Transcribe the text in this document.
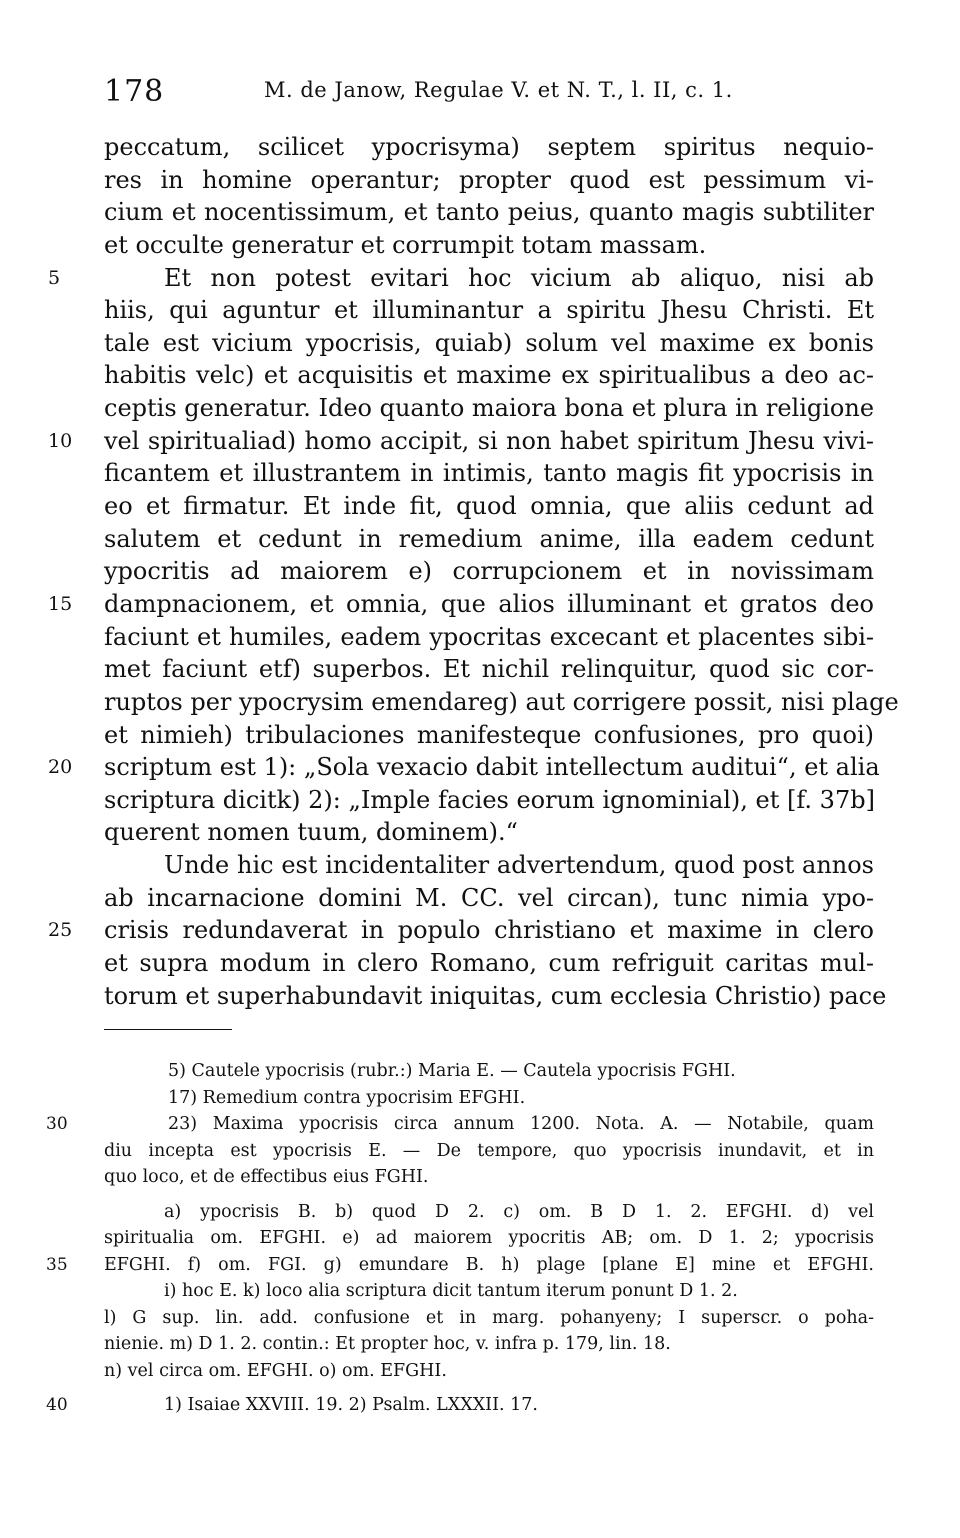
178	M. de Janow, Regulae V. et N. T., l. II, c. 1.
peccatum, scilicet ypocrisyma) septem spiritus nequio-
res in homine operantur; propter quod est pessimum vi-
cium et nocentissimum, et tanto peius, quanto magis subtiliter
et occulte generatur et corrumpit totam massam.
5	Et non potest evitari hoc vicium ab aliquo, nisi ab
hiis, qui aguntur et illuminantur a spiritu Jhesu Christi. Et
tale est vicium ypocrisis, quiab) solum vel maxime ex bonis
habitis velc) et acquisitis et maxime ex spiritualibus a deo ac-
ceptis generatur. Ideo quanto maiora bona et plura in religione
10 vel spiritualiad) homo accipit, si non habet spiritum Jhesu vivi-
ficantem et illustrantem in intimis, tanto magis fit ypocrisis in
eo et firmatur. Et inde fit, quod omnia, que aliis cedunt ad
salutem et cedunt in remedium anime, illa eadem cedunt
ypocritis ad maiorem e) corrupcionem et in novissimam
15 dampnacionem, et omnia, que alios illuminant et gratos deo
faciunt et humiles, eadem ypocritas excecant et placentes sibi-
met faciunt etf) superbos. Et nichil relinquitur, quod sic cor-
ruptos per ypocrysim emendareg) aut corrigere possit, nisi plage
et nimieh) tribulaciones manifesteque confusiones, pro quoi)
20 scriptum est 1): „Sola vexacio dabit intellectum auditui“, et alia
scriptura dicitk) 2): „Imple facies eorum ignominial), et [f. 37b]
querent nomen tuum, dominem).“
Unde hic est incidentaliter advertendum, quod post annos
ab incarnacione domini M. CC. vel circan), tunc nimia ypo-
25 crisis redundaverat in populo christiano et maxime in clero
et supra modum in clero Romano, cum refriguit caritas mul-
torum et superhabundavit iniquitas, cum ecclesia Christio) pace
5) Cautele ypocrisis (rubr.:) Maria E. — Cautela ypocrisis FGHI.
17) Remedium contra ypocrisim EFGHI.
30	23) Maxima ypocrisis circa annum 1200. Nota. A. — Notabile, quam
diu incepta est ypocrisis E. — De tempore, quo ypocrisis inundavit, et in
quo loco, et de effectibus eius FGHI.
a) ypocrisis B. b) quod D 2. c) om. B D 1. 2. EFGHI. d) vel
spiritualia om. EFGHI. e) ad maiorem ypocritis AB; om. D 1. 2; ypocrisis
35 EFGHI. f) om. FGI. g) emundare B. h) plage [plane E] mine et EFGHI.
i) hoc E. k) loco alia scriptura dicit tantum iterum ponunt D 1. 2.
l) G sup. lin. add. confusione et in marg. pohanyeny; I superscr. o poha-
nienie. m) D 1. 2. contin.: Et propter hoc, v. infra p. 179, lin. 18.
n) vel circa om. EFGHI. o) om. EFGHI.
40	1) Isaiae XXVIII. 19. 2) Psalm. LXXXII. 17.
